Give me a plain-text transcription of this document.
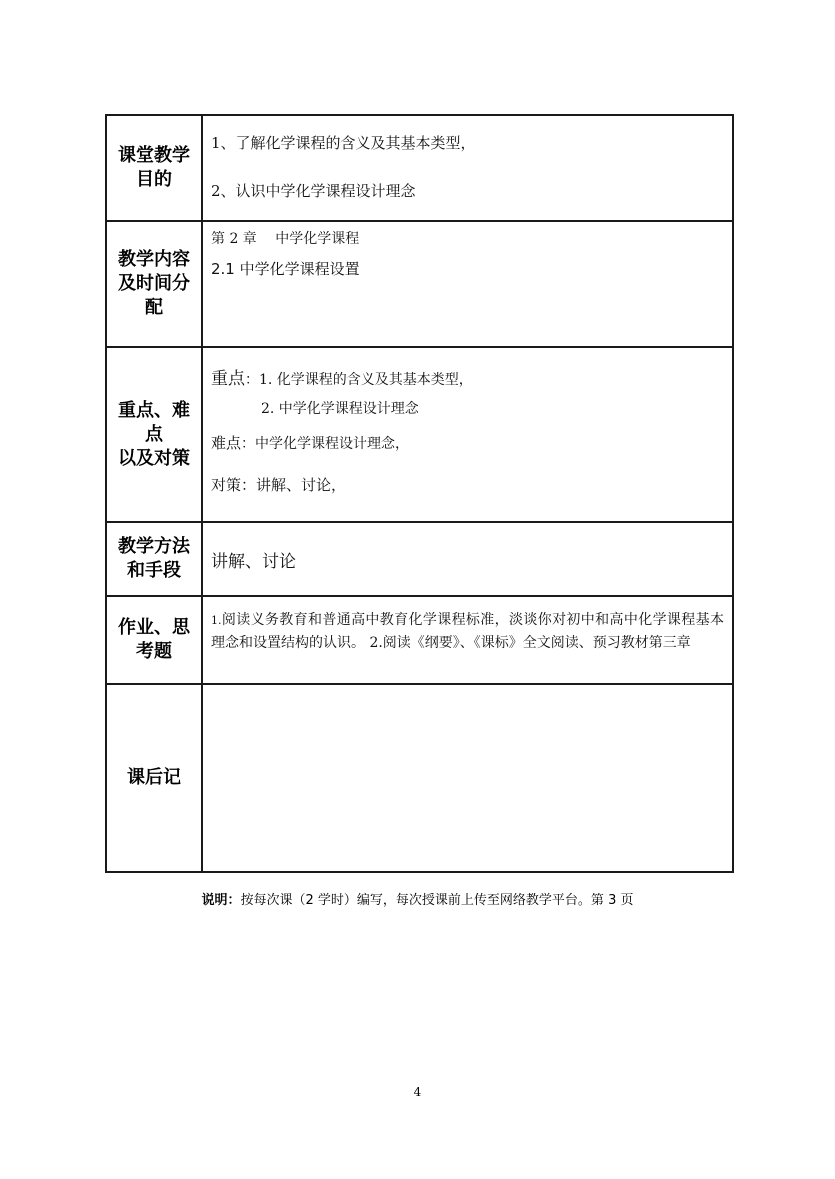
课堂教学
目的	1、了解化学课程的含义及其基本类型，
2、认识中学化学课程设计理念

教学内容
及时间分
配	第 2 章　 中学化学课程
2.1 中学化学课程设置

重点、难
点
以及对策	重点：1. 化学课程的含义及其基本类型，
2. 中学化学课程设计理念
难点：中学化学课程设计理念，
对策：讲解、讨论，

教学方法
和手段	讲解、讨论

作业、思
考题	1.阅读义务教育和普通高中教育化学课程标准，淡谈你对初中和高中化学课程基本理念和设置结构的认识。 2.阅读《纲要》、《课标》全文阅读、预习教材第三章

课后记	

说明：按每次课（2 学时）编写，每次授课前上传至网络教学平台。第 3 页
4
